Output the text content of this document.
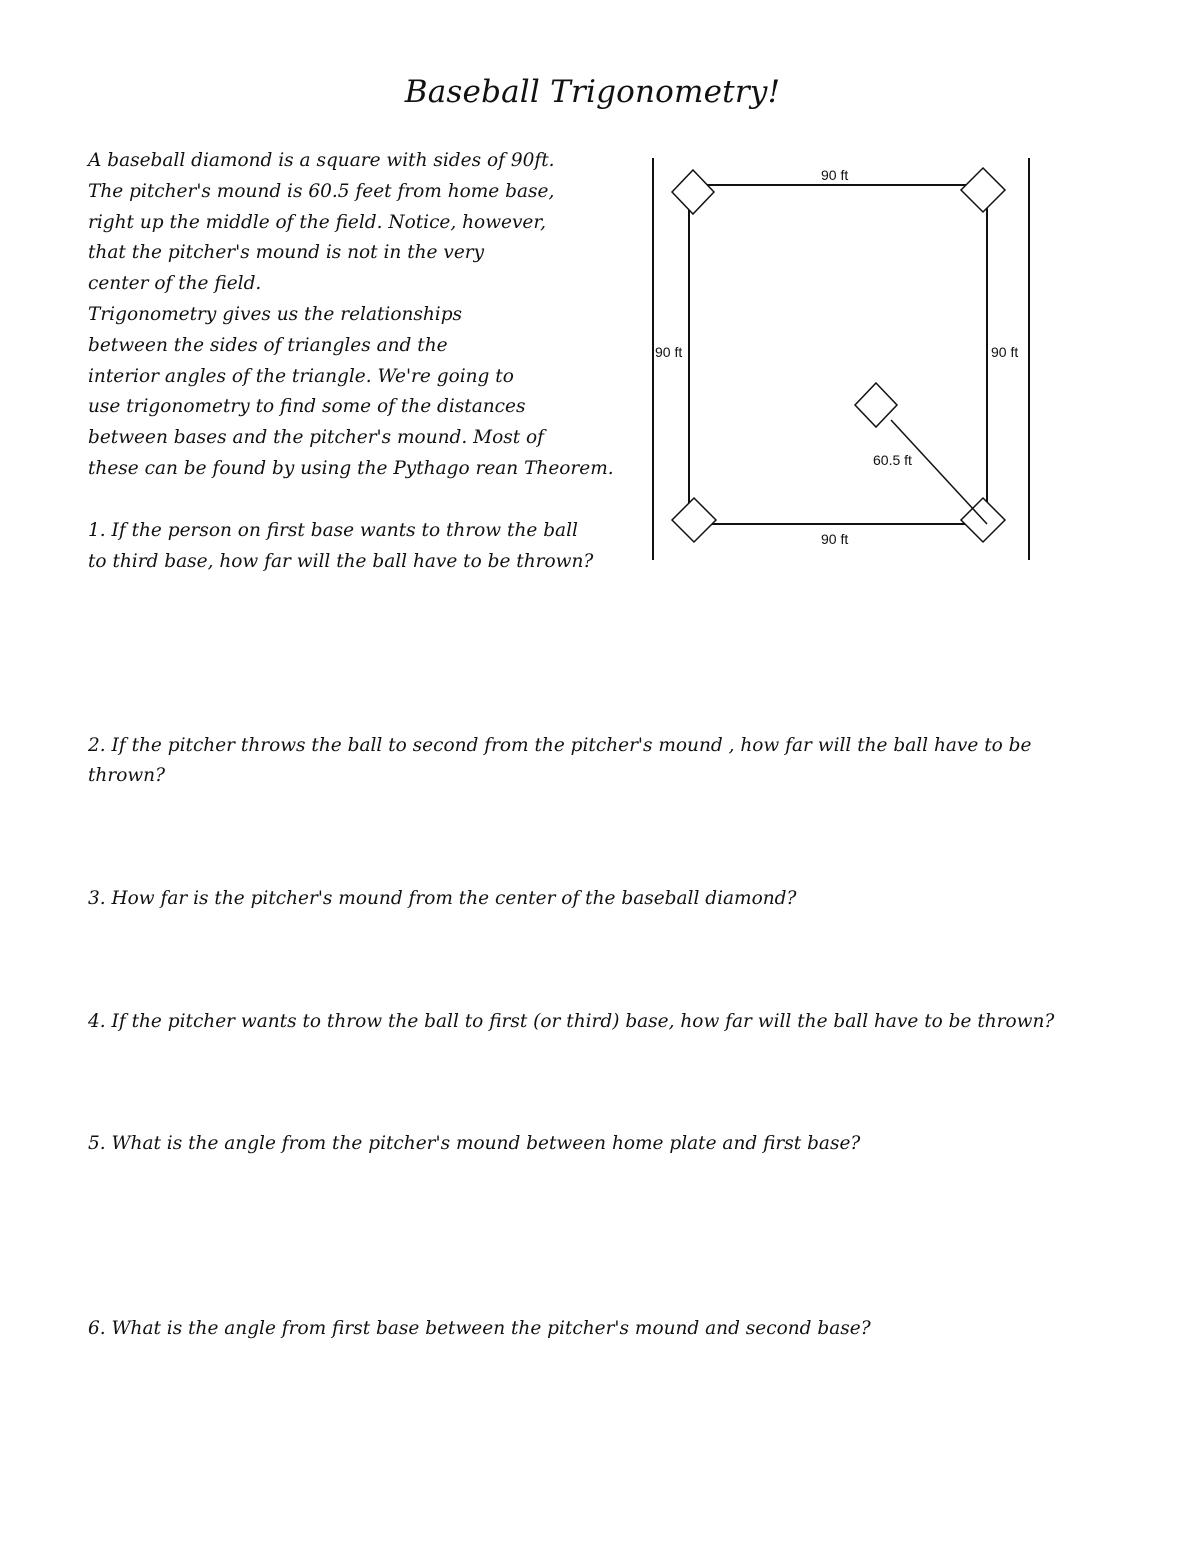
Baseball Trigonometry!
A baseball diamond is a square with sides of 90ft.
The pitcher's mound is 60.5 feet from home base,
right up the middle of the field. Notice, however,
that the pitcher's mound is not in the very
center of the field.
Trigonometry gives us the relationships
between the sides of triangles and the
interior angles of the triangle. We're going to
use trigonometry to find some of the distances
between bases and the pitcher's mound. Most of
these can be found by using the Pythago rean Theorem.
1. If the person on first base wants to throw the ball
to third base, how far will the ball have to be thrown?
90 ft
90 ft
90 ft	90 ft
60.5 ft
2. If the pitcher throws the ball to second from the pitcher's mound , how far will the ball have to be thrown?
3. How far is the pitcher's mound from the center of the baseball diamond?
4. If the pitcher wants to throw the ball to first (or third) base, how far will the ball have to be thrown?
5. What is the angle from the pitcher's mound between home plate and first base?
6. What is the angle from first base between the pitcher's mound and second base?
